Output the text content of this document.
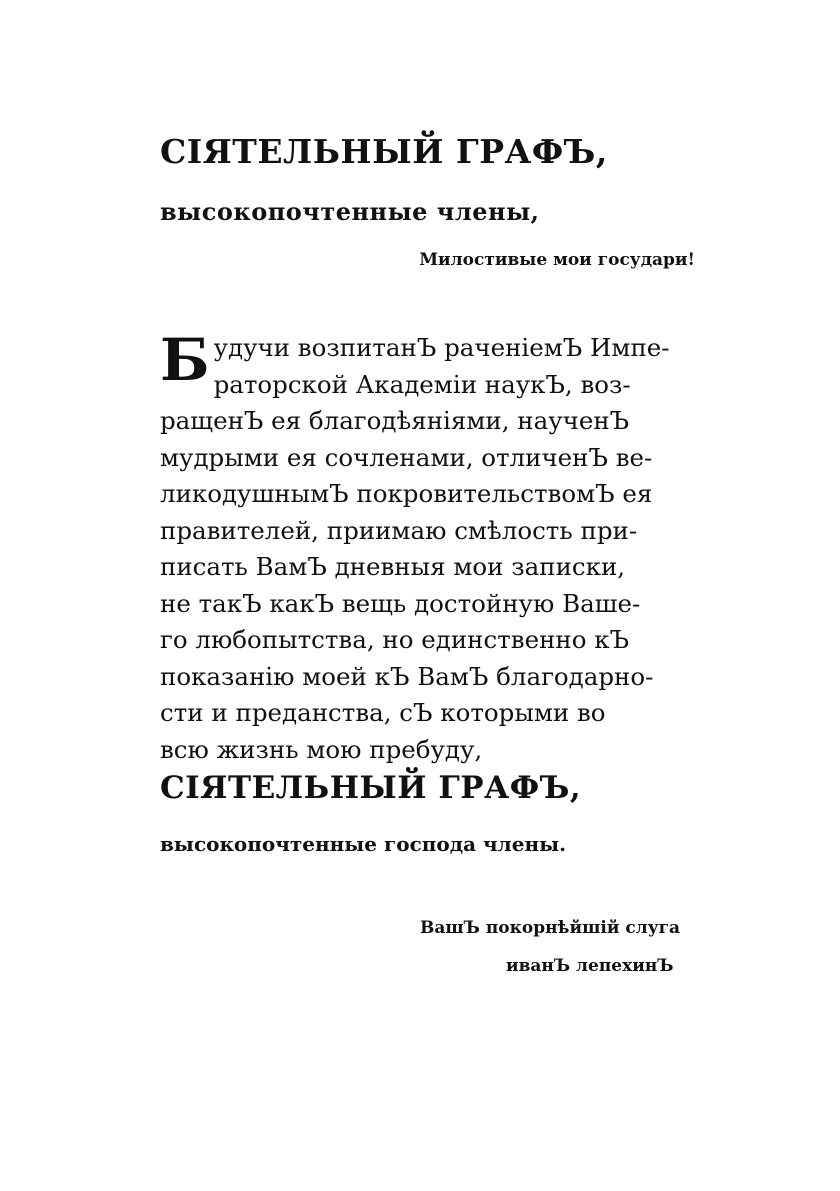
СIЯТЕЛЬНЫЙ ГРАФЪ,
высокопочтенные члены,
Милостивые мои государи!
Б удучи возпитанЪ раченiемЪ Импе-
раторской Академiи наукЪ, воз-
ращенЪ ея благодѣянiями, наученЪ
мудрыми ея сочленами, отличенЪ ве-
ликодушнымЪ покровительствомЪ ея
правителей, приимаю смѣлость при-
писать ВамЪ дневныя мои записки,
не такЪ какЪ вещь достойную Ваше-
го любопытства, но единственно кЪ
показанiю моей кЪ ВамЪ благодарно-
сти и преданства, сЪ которыми во
всю жизнь мою пребуду,
СIЯТЕЛЬНЫЙ ГРАФЪ,
высокопочтенные господа члены.
ВашЪ покорнѣйшiй слуга
иванЪ лепехинЪ
